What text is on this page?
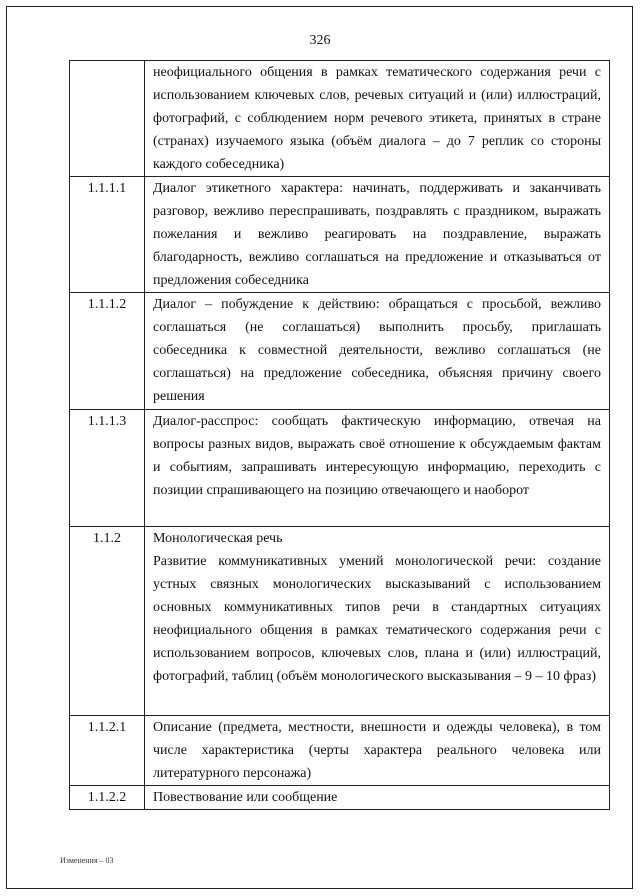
326

	неофициального общения в рамках тематического содержания речи с использованием ключевых слов, речевых ситуаций и (или) иллюстраций, фотографий, с соблюдением норм речевого этикета, принятых в стране (странах) изучаемого языка (объём диалога – до 7 реплик со стороны каждого собеседника)

1.1.1.1	Диалог этикетного характера: начинать, поддерживать и заканчивать разговор, вежливо переспрашивать, поздравлять с праздником, выражать пожелания и вежливо реагировать на поздравление, выражать благодарность, вежливо соглашаться на предложение и отказываться от предложения собеседника

1.1.1.2	Диалог – побуждение к действию: обращаться с просьбой, вежливо соглашаться (не соглашаться) выполнить просьбу, приглашать собеседника к совместной деятельности, вежливо соглашаться (не соглашаться) на предложение собеседника, объясняя причину своего решения

1.1.1.3	Диалог-расспрос: сообщать фактическую информацию, отвечая на вопросы разных видов, выражать своё отношение к обсуждаемым фактам и событиям, запрашивать интересующую информацию, переходить с позиции спрашивающего на позицию отвечающего и наоборот

1.1.2	Монологическая речь
Развитие коммуникативных умений монологической речи: создание устных связных монологических высказываний с использованием основных коммуникативных типов речи в стандартных ситуациях неофициального общения в рамках тематического содержания речи с использованием вопросов, ключевых слов, плана и (или) иллюстраций, фотографий, таблиц (объём монологического высказывания – 9 – 10 фраз)

1.1.2.1	Описание (предмета, местности, внешности и одежды человека), в том числе характеристика (черты характера реального человека или литературного персонажа)

1.1.2.2	Повествование или сообщение
Изменения – 03
